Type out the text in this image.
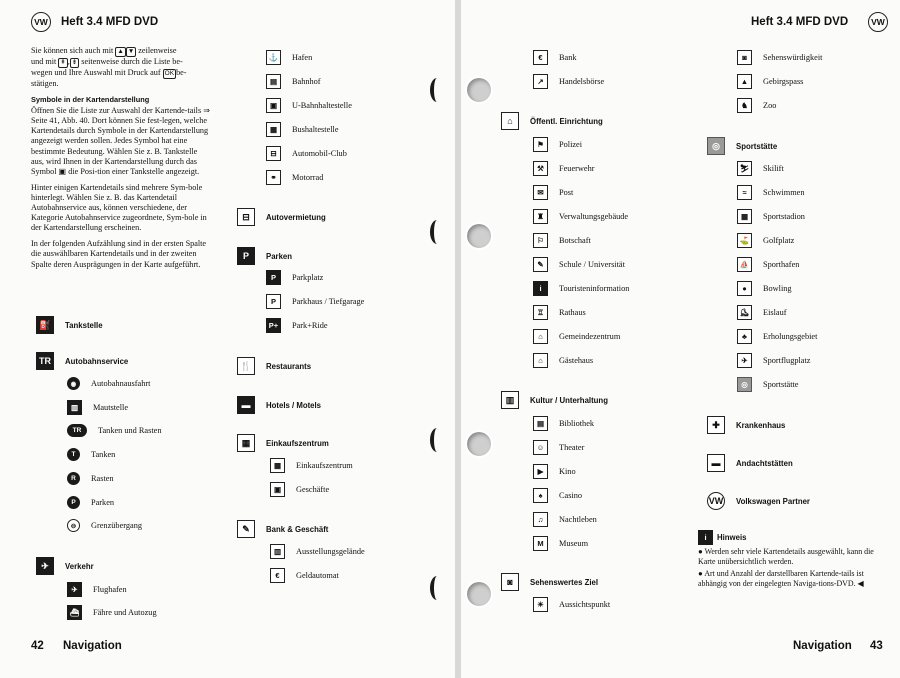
VW Heft 3.4 MFD DVD
Sie können sich auch mit ▲ ▼ zeilenweise
und mit ⇞ , ⇟ seitenweise durch die Liste be-
wegen und Ihre Auswahl mit Druck auf OK be-

stätigen.

Symbole in der Kartendarstellung

Öffnen Sie die Liste zur Auswahl der Kartende-tails ⇒ Seite 41, Abb. 40. Dort können Sie fest-legen, welche Kartendetails durch Symbole in der Kartendarstellung angezeigt werden sollen. Jedes Symbol hat eine bestimmte Bedeutung. Wählen Sie z. B. Tankstelle aus, wird Ihnen in der Kartendarstellung durch das Symbol ▣ die Posi-tion einer Tankstelle angezeigt.

Hinter einigen Kartendetails sind mehrere Sym-bole hinterlegt. Wählen Sie z. B. das Kartendetail Autobahnservice aus, können verschiedene, der Kategorie Autobahnservice zugeordnete, Sym-bole in der Kartendarstellung erscheinen.

In der folgenden Aufzählung sind in der ersten Spalte die auswählbaren Kartendetails und in der zweiten Spalte deren Ausprägungen in der Karte aufgeführt.

⛽	Tankstelle
TR	Autobahnservice
◉	Autobahnausfahrt
▥	Mautstelle
TR	Tanken und Rasten
T	Tanken
R	Rasten
P	Parken
⊖	Grenzübergang
✈	Verkehr
✈	Flughafen
⛴	Fähre und Autozug
⚓	Hafen
▤	Bahnhof
▣	U-Bahnhaltestelle
▦	Bushaltestelle
⊟	Automobil-Club
⚭	Motorrad
⊟	Autovermietung
P	Parken
P	Parkplatz
P	Parkhaus / Tiefgarage
P+	Park+Ride
🍴	Restaurants
▬	Hotels / Motels
▦	Einkaufszentrum
▦	Einkaufszentrum
▣	Geschäfte
✎	Bank & Geschäft
▥	Ausstellungsgelände
€	Geldautomat
42 Navigation
Heft 3.4 MFD DVD	VW
€	Bank
↗	Handelsbörse
⌂	Öffentl. Einrichtung
⚑	Polizei
⚒	Feuerwehr
✉	Post
♜	Verwaltungsgebäude
⚐	Botschaft
✎	Schule / Universität
i	Touristeninformation
♖	Rathaus
⌂	Gemeindezentrum
⌂	Gästehaus
▥	Kultur / Unterhaltung
▤	Bibliothek
☺	Theater
▶	Kino
♠	Casino
♫	Nachtleben
M	Museum
◙	Sehenswertes Ziel
☀	Aussichtspunkt
◙	Sehenswürdigkeit
▲	Gebirgspass
♞	Zoo
◎	Sportstätte
⛷	Skilift
≈	Schwimmen
▦	Sportstadion
⛳	Golfplatz
⛵	Sporthafen
●	Bowling
⛸	Eislauf
♣	Erholungsgebiet
✈	Sportflugplatz
◎	Sportstätte
✚	Krankenhaus
▬	Andachtstätten
VW Volkswagen Partner
i	Hinweis

● Werden sehr viele Kartendetails ausgewählt, kann die Karte unübersichtlich werden.

● Art und Anzahl der darstellbaren Kartende-tails ist abhängig von der eingelegten Naviga-tions-DVD. ◀

Navigation 43
